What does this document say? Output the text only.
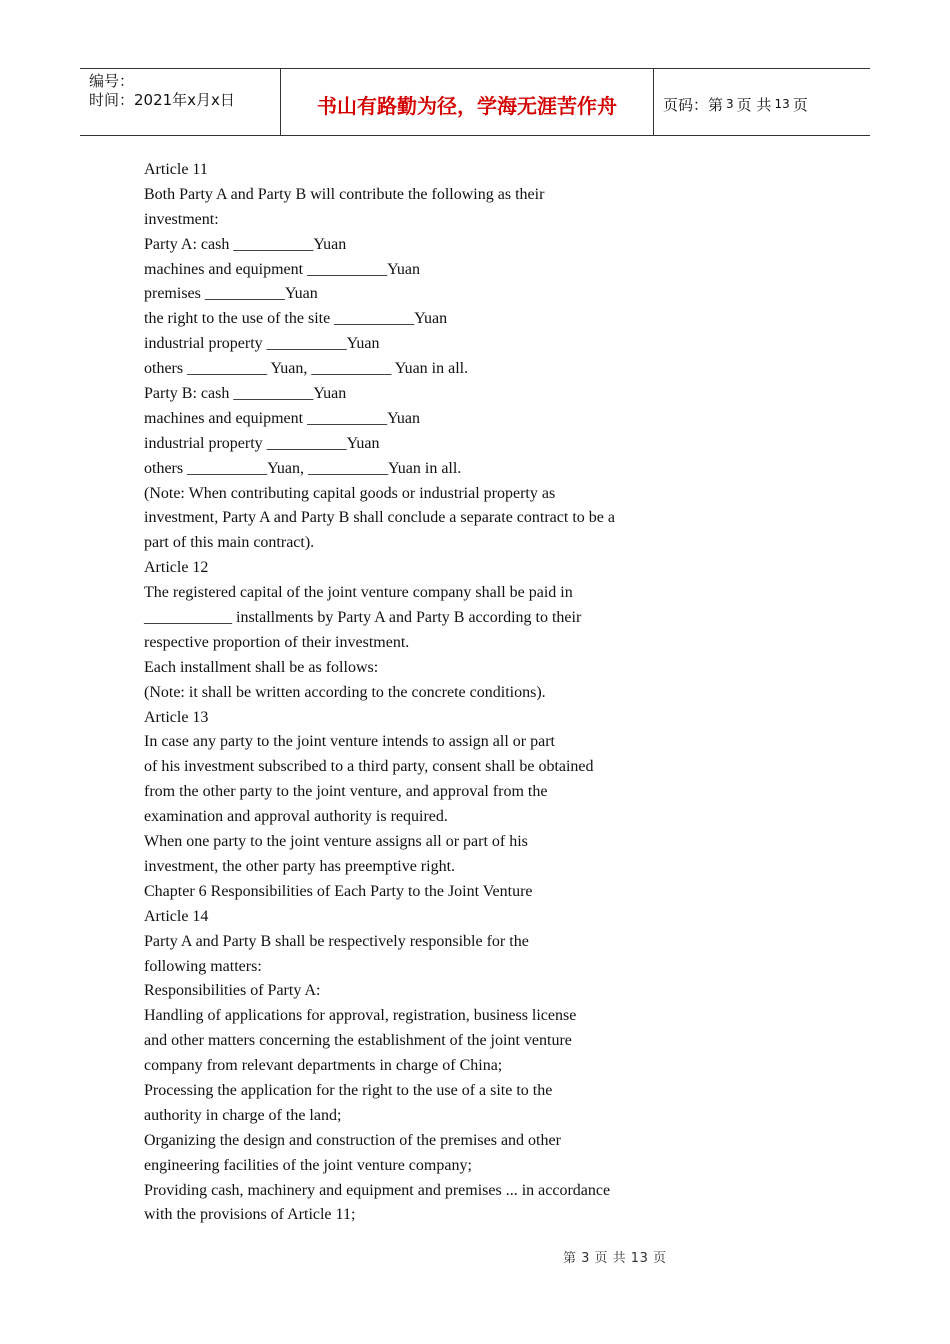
编号：
时间：2021年x月x日	书山有路勤为径，学海无涯苦作舟	页码：第 3 页 共 13 页
Article 11
Both Party A and Party B will contribute the following as their
investment:
Party A: cash __________Yuan
machines and equipment __________Yuan
premises __________Yuan
the right to the use of the site __________Yuan
industrial property __________Yuan
others __________ Yuan, __________ Yuan in all.
Party B: cash __________Yuan
machines and equipment __________Yuan
industrial property __________Yuan
others __________Yuan, __________Yuan in all.
(Note: When contributing capital goods or industrial property as
investment, Party A and Party B shall conclude a separate contract to be a
part of this main contract).
Article 12
The registered capital of the joint venture company shall be paid in
___________ installments by Party A and Party B according to their
respective proportion of their investment.
Each installment shall be as follows:
(Note: it shall be written according to the concrete conditions).
Article 13
In case any party to the joint venture intends to assign all or part
of his investment subscribed to a third party, consent shall be obtained
from the other party to the joint venture, and approval from the
examination and approval authority is required.
When one party to the joint venture assigns all or part of his
investment, the other party has preemptive right.
Chapter 6 Responsibilities of Each Party to the Joint Venture
Article 14
Party A and Party B shall be respectively responsible for the
following matters:
Responsibilities of Party A:
Handling of applications for approval, registration, business license
and other matters concerning the establishment of the joint venture
company from relevant departments in charge of China;
Processing the application for the right to the use of a site to the
authority in charge of the land;
Organizing the design and construction of the premises and other
engineering facilities of the joint venture company;
Providing cash, machinery and equipment and premises ... in accordance
with the provisions of Article 11;
第 3 页 共 13 页
